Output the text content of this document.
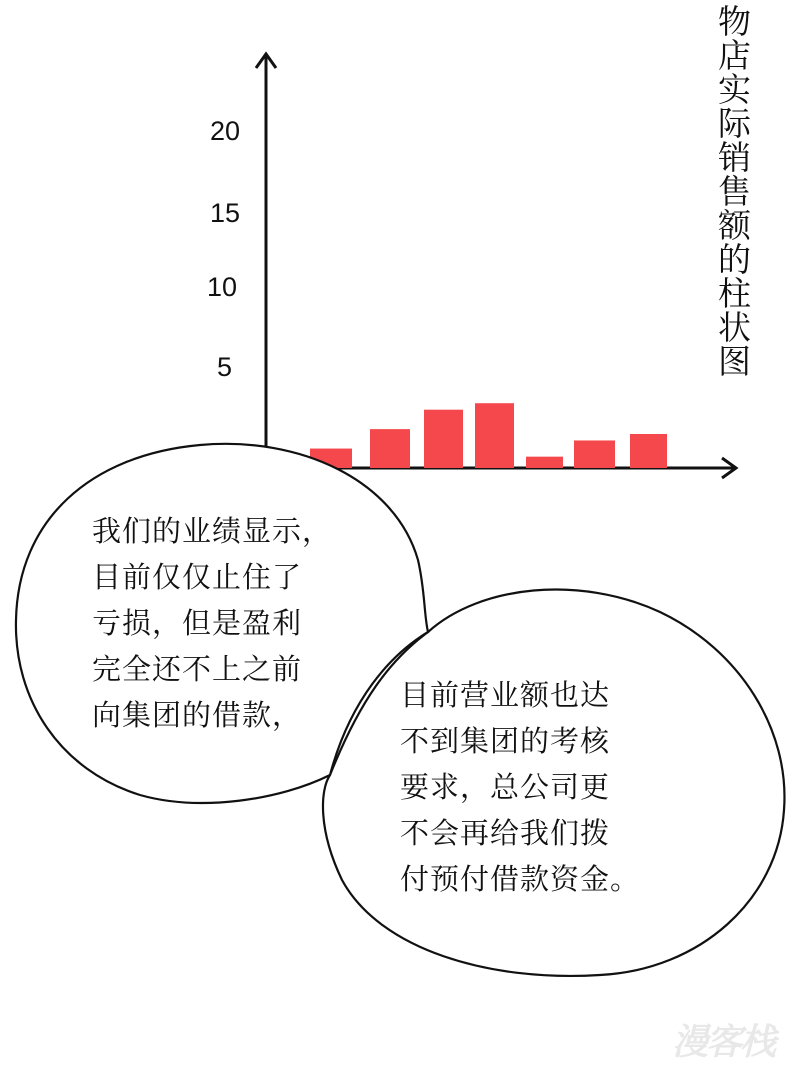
20
15
10
5	物店实际销售额的柱状图
我们的业绩显示，
目前仅仅止住了
亏损，但是盈利
完全还不上之前
向集团的借款，
目前营业额也达
不到集团的考核
要求，总公司更
不会再给我们拨
付预付借款资金。
漫客栈
